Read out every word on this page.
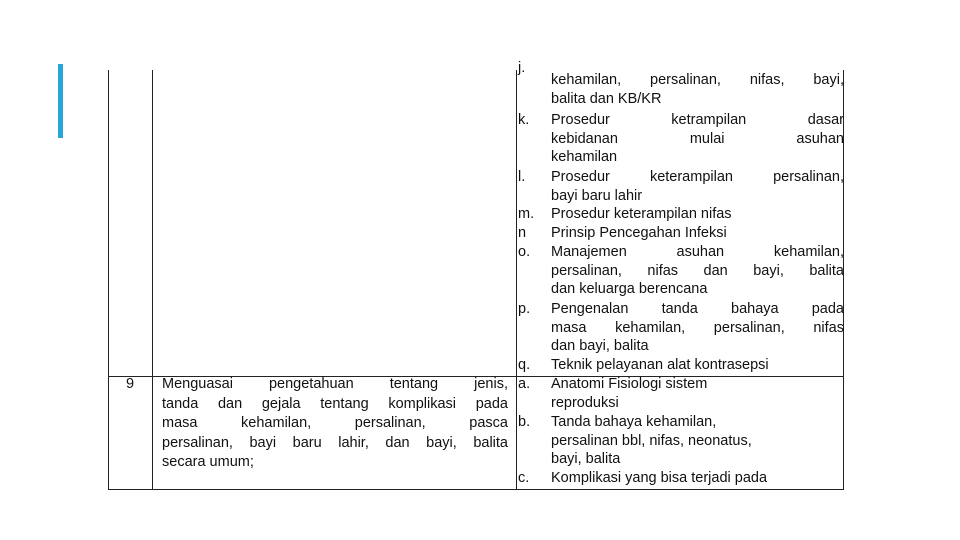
j.
kehamilan, persalinan, nifas, bayi,

balita dan KB/KR
k. Prosedur ketrampilan dasar
kebidanan mulai asuhan
kehamilan
l. Prosedur keterampilan persalinan,
bayi baru lahir
m. Prosedur keterampilan nifas
n Prinsip Pencegahan Infeksi
o. Manajemen asuhan kehamilan,
persalinan, nifas dan bayi, balita
dan keluarga berencana
p. Pengenalan tanda bahaya pada
masa kehamilan, persalinan, nifas
dan bayi, balita
q. Teknik pelayanan alat kontrasepsi
9	Menguasai pengetahuan tentang jenis,
tanda dan gejala tentang komplikasi pada
masa kehamilan, persalinan, pasca
persalinan, bayi baru lahir, dan bayi, balita
secara umum;
a. Anatomi Fisiologi sistem
reproduksi
b. Tanda bahaya kehamilan,
persalinan bbl, nifas, neonatus,
bayi, balita
c. Komplikasi yang bisa terjadi pada
